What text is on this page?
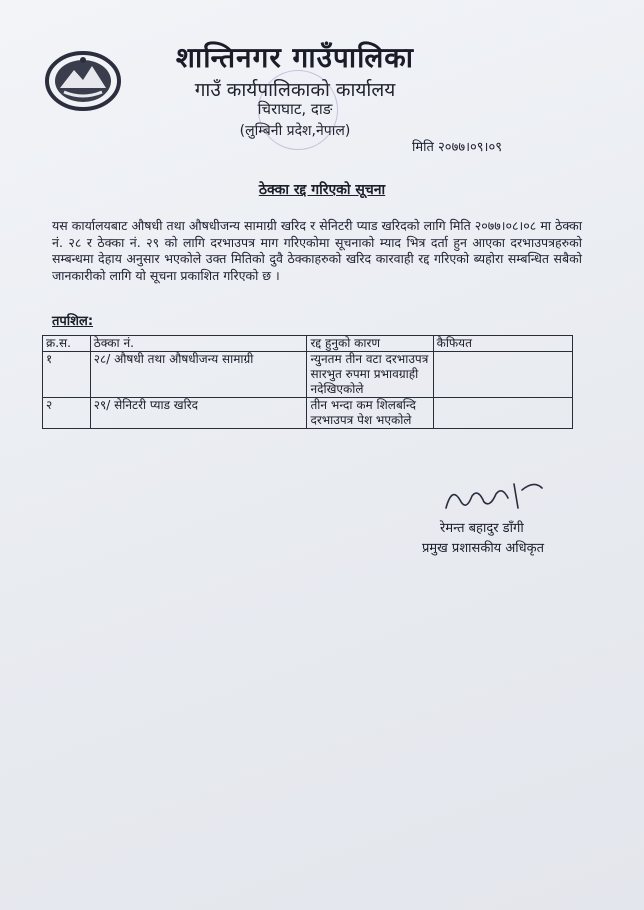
शान्तिनगर गाउँपालिका
गाउँ कार्यपालिकाको कार्यालय
चिराघाट, दाङ
(लुम्बिनी प्रदेश,नेपाल)
मिति २०७७।०९।०९
ठेक्का रद्द गरिएको सूचना
यस कार्यालयबाट औषधी तथा औषधीजन्य सामाग्री खरिद र सेनिटरी प्याड खरिदको लागि मिति २०७७।०८।०८ मा ठेक्का नं. २८ र ठेक्का नं. २९ को लागि दरभाउपत्र माग गरिएकोमा सूचनाको म्याद भित्र दर्ता हुन आएका दरभाउपत्रहरुको सम्बन्धमा देहाय अनुसार भएकोले उक्त मितिको दुवै ठेक्काहरुको खरिद कारवाही रद्द गरिएको ब्यहोरा सम्बन्धित सबैको जानकारीको लागि यो सूचना प्रकाशित गरिएको छ ।
तपशिल:
क्र.स.	ठेक्का नं.	रद्द हुनुको कारण	कैफियत
१	२८/ औषधी तथा औषधीजन्य सामाग्री	न्युनतम तीन वटा दरभाउपत्र सारभुत रुपमा प्रभावग्राही नदेखिएकोले	
२	२९/ सेनिटरी प्याड खरिद	तीन भन्दा कम शिलबन्दि दरभाउपत्र पेश भएकोले	
रेमन्त बहादुर डाँगी
प्रमुख प्रशासकीय अधिकृत
